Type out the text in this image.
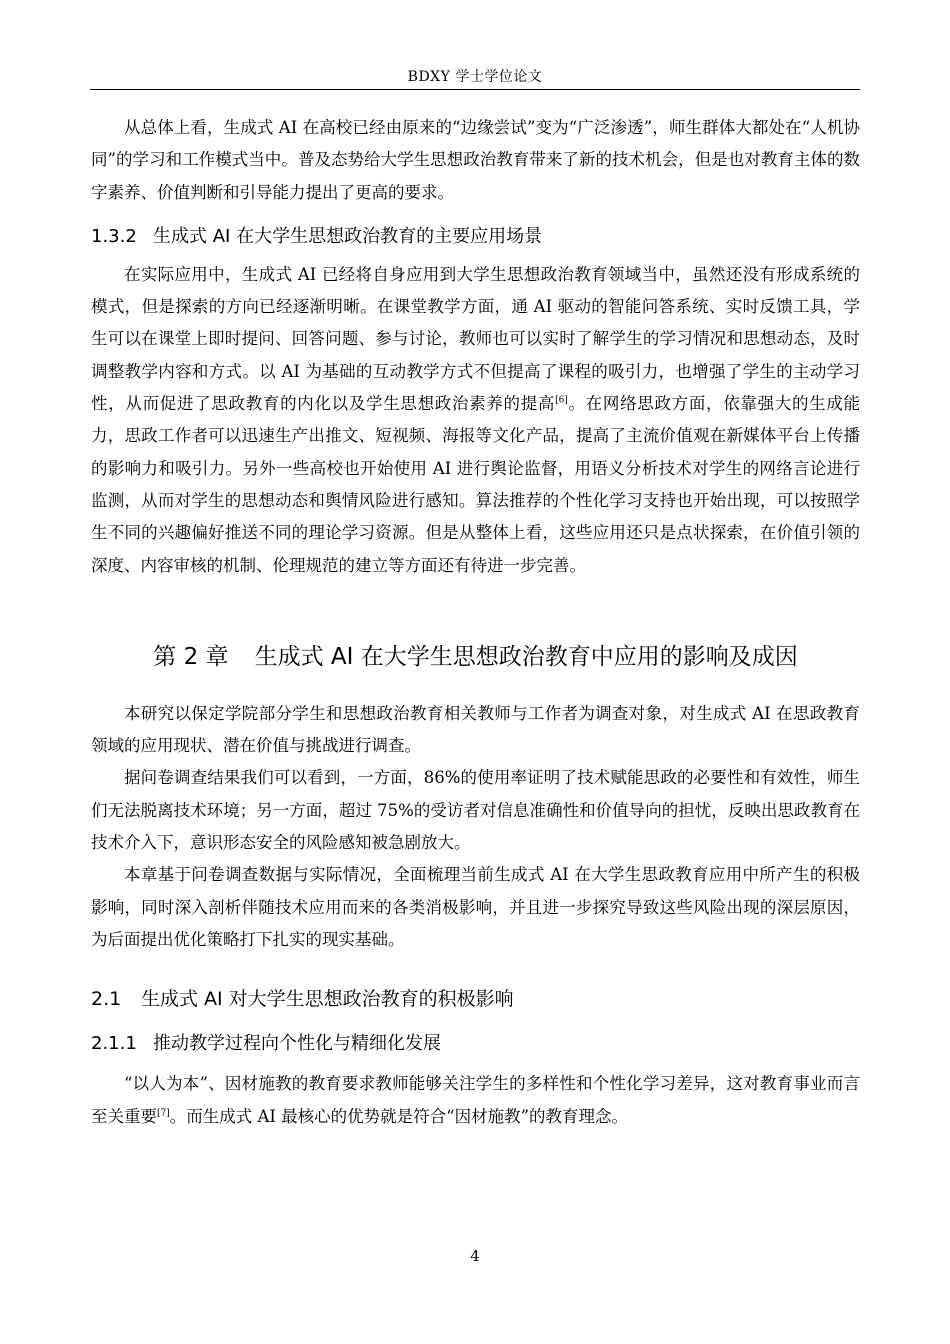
BDXY 学士学位论文

从总体上看，生成式 AI 在高校已经由原来的“边缘尝试”变为“广泛渗透”，师生群体大都处在“人机协同”的学习和工作模式当中。普及态势给大学生思想政治教育带来了新的技术机会，但是也对教育主体的数字素养、价值判断和引导能力提出了更高的要求。

1.3.2 生成式 AI 在大学生思想政治教育的主要应用场景

在实际应用中，生成式 AI 已经将自身应用到大学生思想政治教育领域当中，虽然还没有形成系统的模式，但是探索的方向已经逐渐明晰。在课堂教学方面，通 AI 驱动的智能问答系统、实时反馈工具，学生可以在课堂上即时提问、回答问题、参与讨论，教师也可以实时了解学生的学习情况和思想动态，及时调整教学内容和方式。以 AI 为基础的互动教学方式不但提高了课程的吸引力，也增强了学生的主动学习性，从而促进了思政教育的内化以及学生思想政治素养的提高[6]。在网络思政方面，依靠强大的生成能力，思政工作者可以迅速生产出推文、短视频、海报等文化产品，提高了主流价值观在新媒体平台上传播的影响力和吸引力。另外一些高校也开始使用 AI 进行舆论监督，用语义分析技术对学生的网络言论进行监测，从而对学生的思想动态和舆情风险进行感知。算法推荐的个性化学习支持也开始出现，可以按照学生不同的兴趣偏好推送不同的理论学习资源。但是从整体上看，这些应用还只是点状探索，在价值引领的深度、内容审核的机制、伦理规范的建立等方面还有待进一步完善。

第 2 章 生成式 AI 在大学生思想政治教育中应用的影响及成因

本研究以保定学院部分学生和思想政治教育相关教师与工作者为调查对象，对生成式 AI 在思政教育领域的应用现状、潜在价值与挑战进行调查。

据问卷调查结果我们可以看到，一方面，86%的使用率证明了技术赋能思政的必要性和有效性，师生们无法脱离技术环境；另一方面，超过 75%的受访者对信息准确性和价值导向的担忧，反映出思政教育在技术介入下，意识形态安全的风险感知被急剧放大。

本章基于问卷调查数据与实际情况，全面梳理当前生成式 AI 在大学生思政教育应用中所产生的积极影响，同时深入剖析伴随技术应用而来的各类消极影响，并且进一步探究导致这些风险出现的深层原因，为后面提出优化策略打下扎实的现实基础。

2.1 生成式 AI 对大学生思想政治教育的积极影响
2.1.1 推动教学过程向个性化与精细化发展

“以人为本”、因材施教的教育要求教师能够关注学生的多样性和个性化学习差异，这对教育事业而言至关重要[7]。而生成式 AI 最核心的优势就是符合“因材施教”的教育理念。

4
